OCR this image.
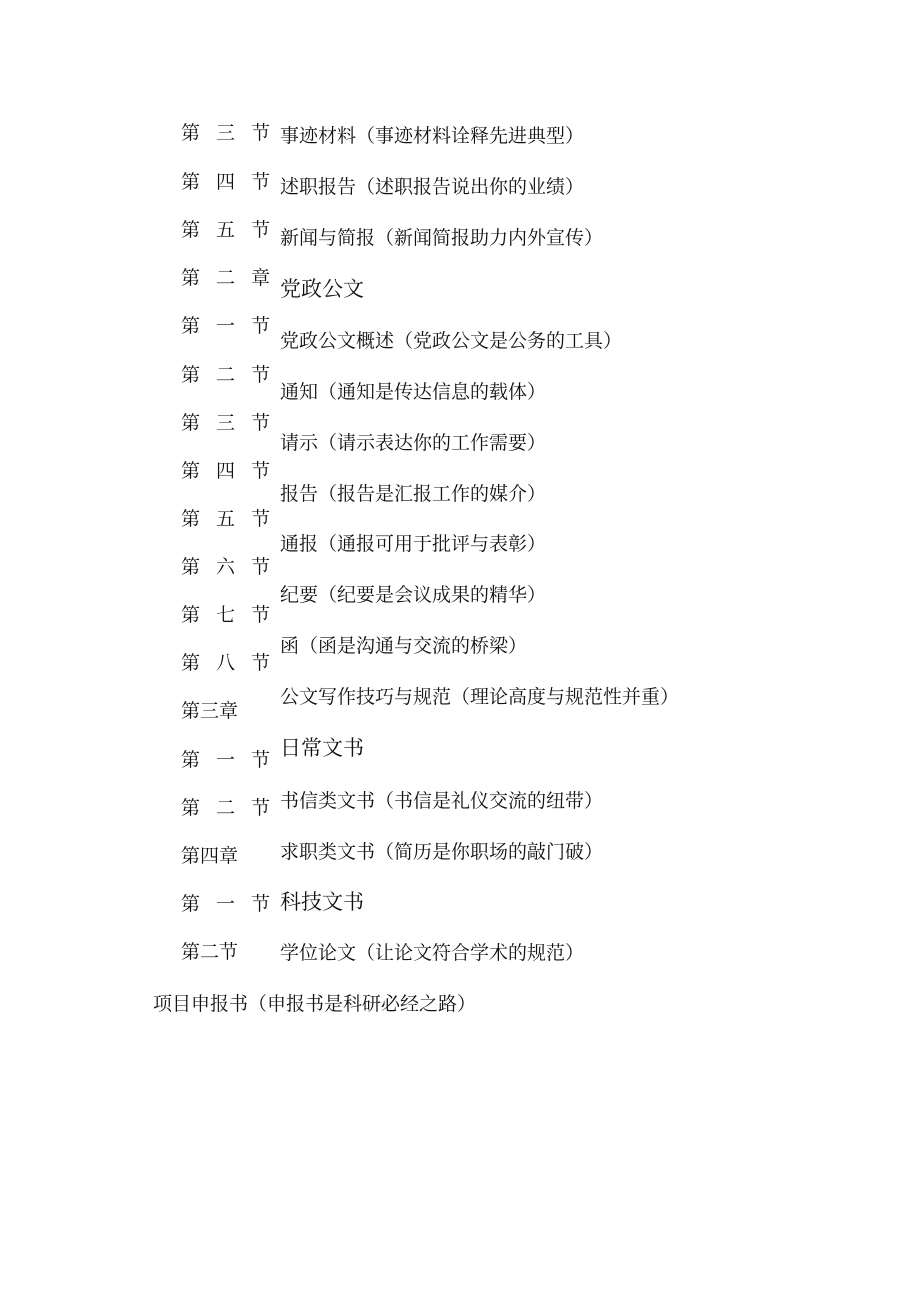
第 三 节
第 四 节
第 五 节
第 二 章
第 一 节
第 二 节
第 三 节
第 四 节
第 五 节
第 六 节
第 七 节
第 八 节
第三章
第 一 节
第 二 节
第四章
第 一 节
第二节
事迹材料（事迹材料诠释先进典型）
述职报告（述职报告说出你的业绩）
新闻与简报（新闻简报助力内外宣传）
党政公文
党政公文概述（党政公文是公务的工具）
通知（通知是传达信息的载体）
请示（请示表达你的工作需要）
报告（报告是汇报工作的媒介）
通报（通报可用于批评与表彰）
纪要（纪要是会议成果的精华）
函（函是沟通与交流的桥梁）
公文写作技巧与规范（理论高度与规范性并重）
日常文书
书信类文书（书信是礼仪交流的纽带）
求职类文书（简历是你职场的敲门破）
科技文书
学位论文（让论文符合学术的规范）
项目申报书（申报书是科研必经之路）
